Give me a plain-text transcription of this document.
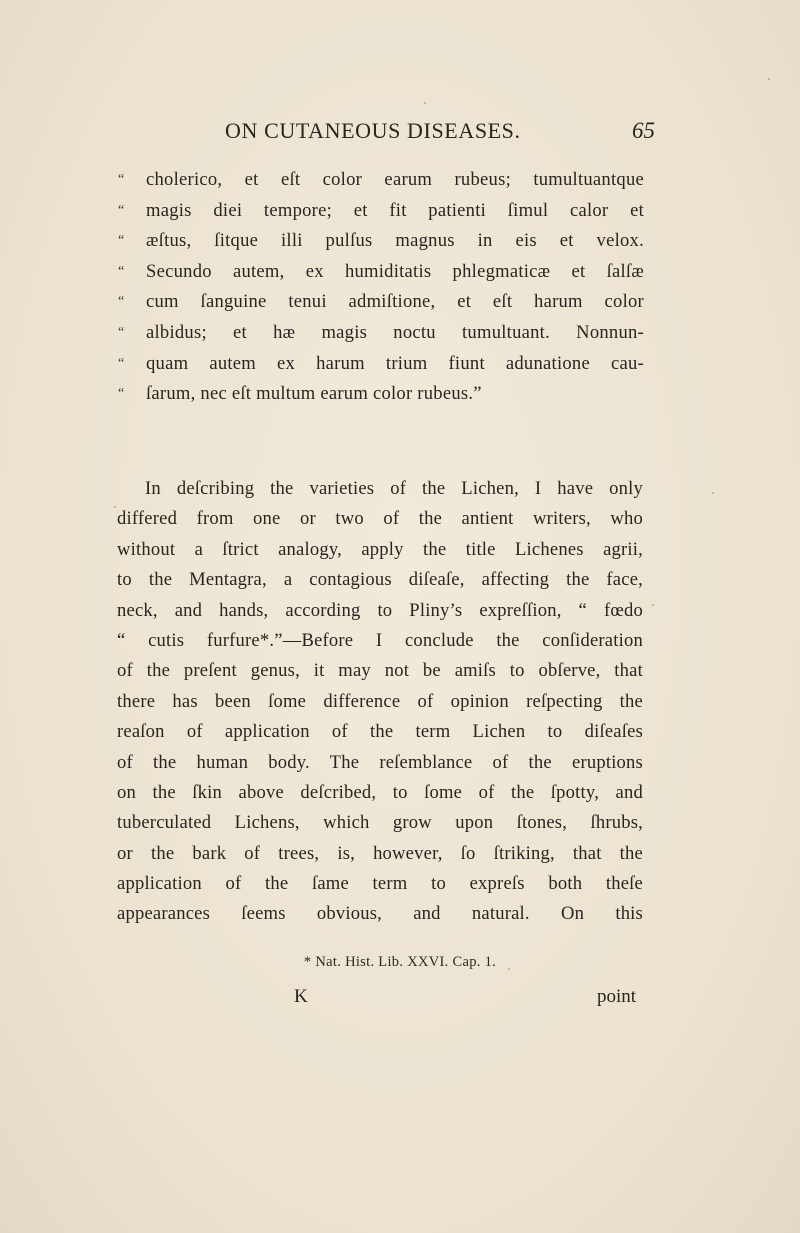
ON CUTANEOUS DISEASES.	65
“	cholerico, et eſt color earum rubeus; tumultuantque
“	magis diei tempore; et fit patienti ſimul calor et
“	æſtus, ſitque illi pulſus magnus in eis et velox.
“	Secundo autem, ex humiditatis phlegmaticæ et ſalſæ
“	cum ſanguine tenui admiſtione, et eſt harum color
“	albidus; et hæ magis noctu tumultuant. Nonnun-
“	quam autem ex harum trium fiunt adunatione cau-
“	ſarum, nec eſt multum earum color rubeus.”
In deſcribing the varieties of the Lichen, I have only
differed from one or two of the antient writers, who
without a ſtrict analogy, apply the title Lichenes agrii,
to the Mentagra, a contagious diſeaſe, affecting the face,
neck, and hands, according to Pliny’s expreſſion, “ fœdo
“ cutis furfure*.”—Before I conclude the conſideration
of the preſent genus, it may not be amiſs to obſerve, that
there has been ſome difference of opinion reſpecting the
reaſon of application of the term Lichen to diſeaſes
of the human body. The reſemblance of the eruptions
on the ſkin above deſcribed, to ſome of the ſpotty, and
tuberculated Lichens, which grow upon ſtones, ſhrubs,
or the bark of trees, is, however, ſo ſtriking, that the
application of the ſame term to expreſs both theſe
appearances ſeems obvious, and natural. On this
* Nat. Hist. Lib. XXVI. Cap. 1.
K	point
